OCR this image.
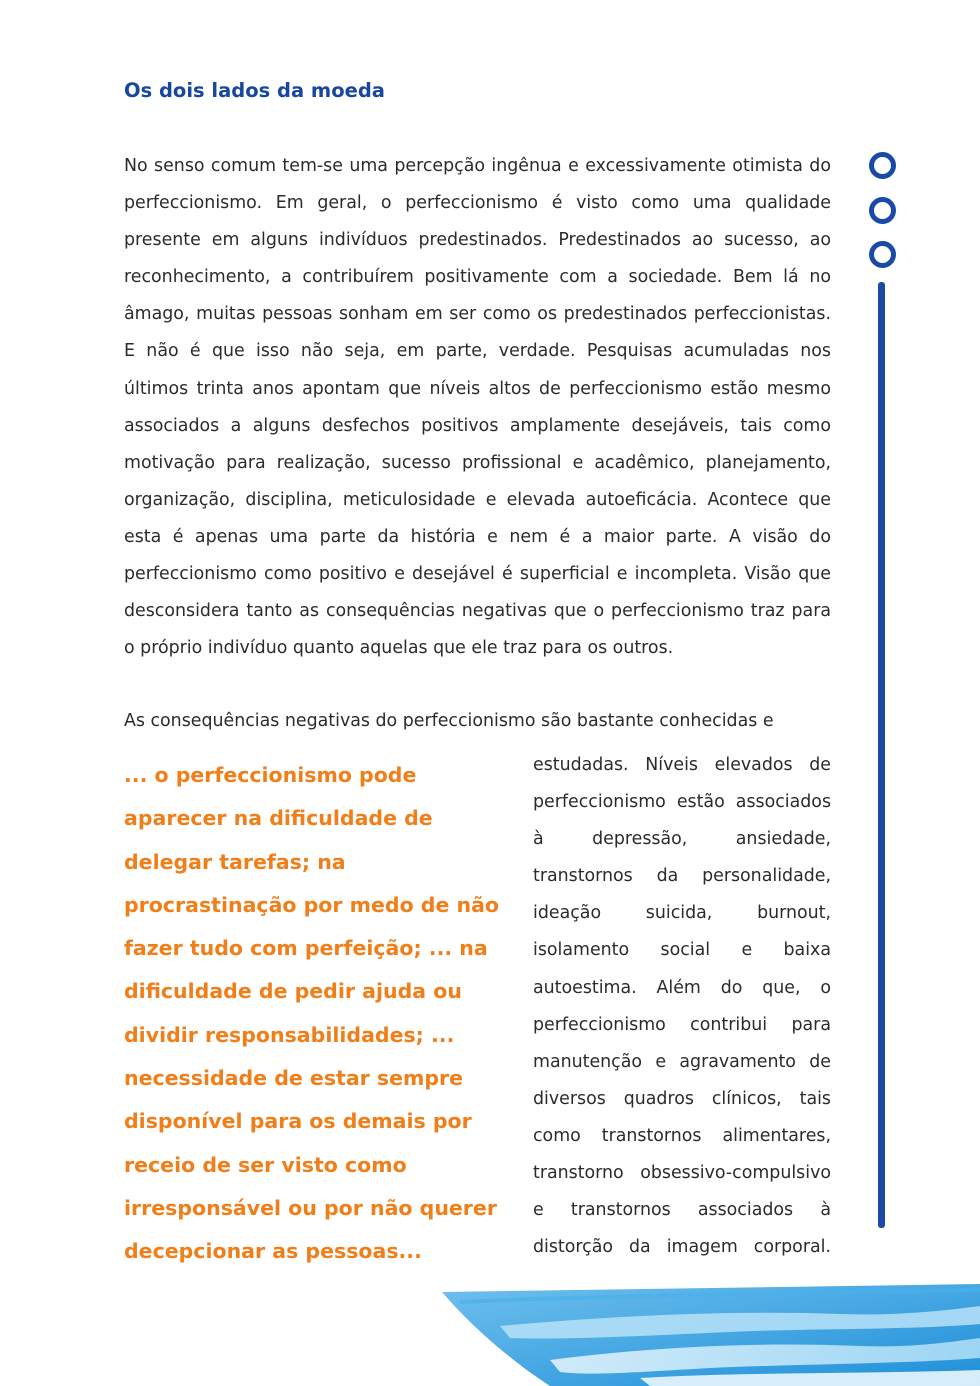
Os dois lados da moeda

No senso comum tem-se uma percepção ingênua e excessivamente otimista do perfeccionismo. Em geral, o perfeccionismo é visto como uma qualidade presente em alguns indivíduos predestinados. Predestinados ao sucesso, ao reconhecimento, a contribuírem positivamente com a sociedade. Bem lá no âmago, muitas pessoas sonham em ser como os predestinados perfeccionistas. E não é que isso não seja, em parte, verdade. Pesquisas acumuladas nos últimos trinta anos apontam que níveis altos de perfeccionismo estão mesmo associados a alguns desfechos positivos amplamente desejáveis, tais como motivação para realização, sucesso profissional e acadêmico, planejamento, organização, disciplina, meticulosidade e elevada autoeficácia. Acontece que esta é apenas uma parte da história e nem é a maior parte. A visão do perfeccionismo como positivo e desejável é superficial e incompleta. Visão que desconsidera tanto as consequências negativas que o perfeccionismo traz para o próprio indivíduo quanto aquelas que ele traz para os outros.

As consequências negativas do perfeccionismo são bastante conhecidas e

... o perfeccionismo pode aparecer na dificuldade de delegar tarefas; na procrastinação por medo de não fazer tudo com perfeição; ... na dificuldade de pedir ajuda ou dividir responsabilidades; ... necessidade de estar sempre disponível para os demais por receio de ser visto como irresponsável ou por não querer decepcionar as pessoas...

estudadas. Níveis elevados de perfeccionismo estão associados à depressão, ansiedade, transtornos da personalidade, ideação suicida, burnout, isolamento social e baixa autoestima. Além do que, o perfeccionismo contribui para manutenção e agravamento de diversos quadros clínicos, tais como transtornos alimentares, transtorno obsessivo-compulsivo e transtornos associados à distorção da imagem corporal.
